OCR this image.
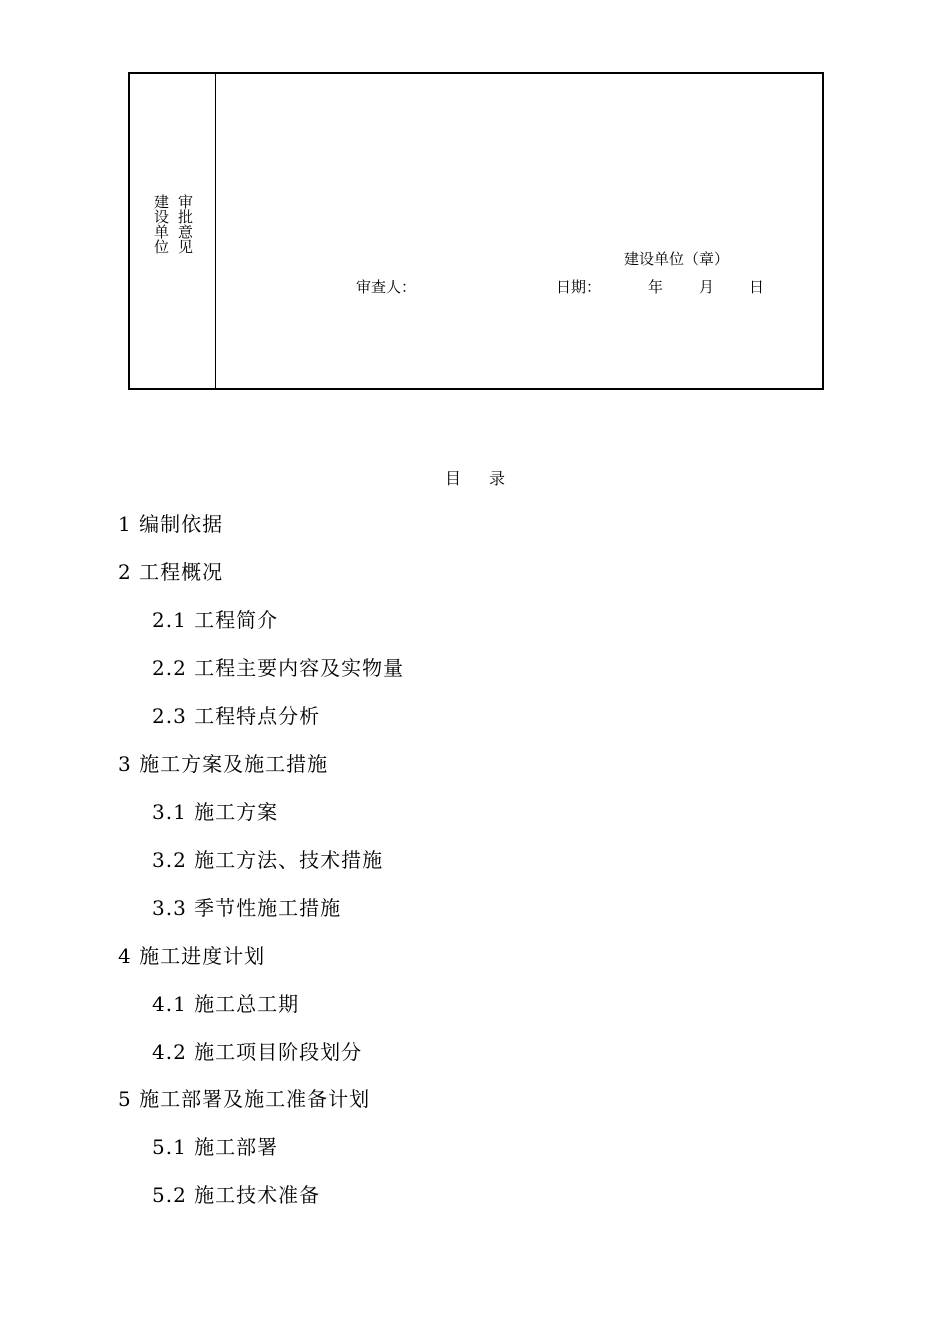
建设单位 审批意见
建设单位（章）
审查人：	日期：	年 月 日
目 录
1 编制依据
2 工程概况
2.1 工程简介
2.2 工程主要内容及实物量
2.3 工程特点分析
3 施工方案及施工措施
3.1 施工方案
3.2 施工方法、技术措施
3.3 季节性施工措施
4 施工进度计划
4.1 施工总工期
4.2 施工项目阶段划分
5 施工部署及施工准备计划
5.1 施工部署
5.2 施工技术准备
